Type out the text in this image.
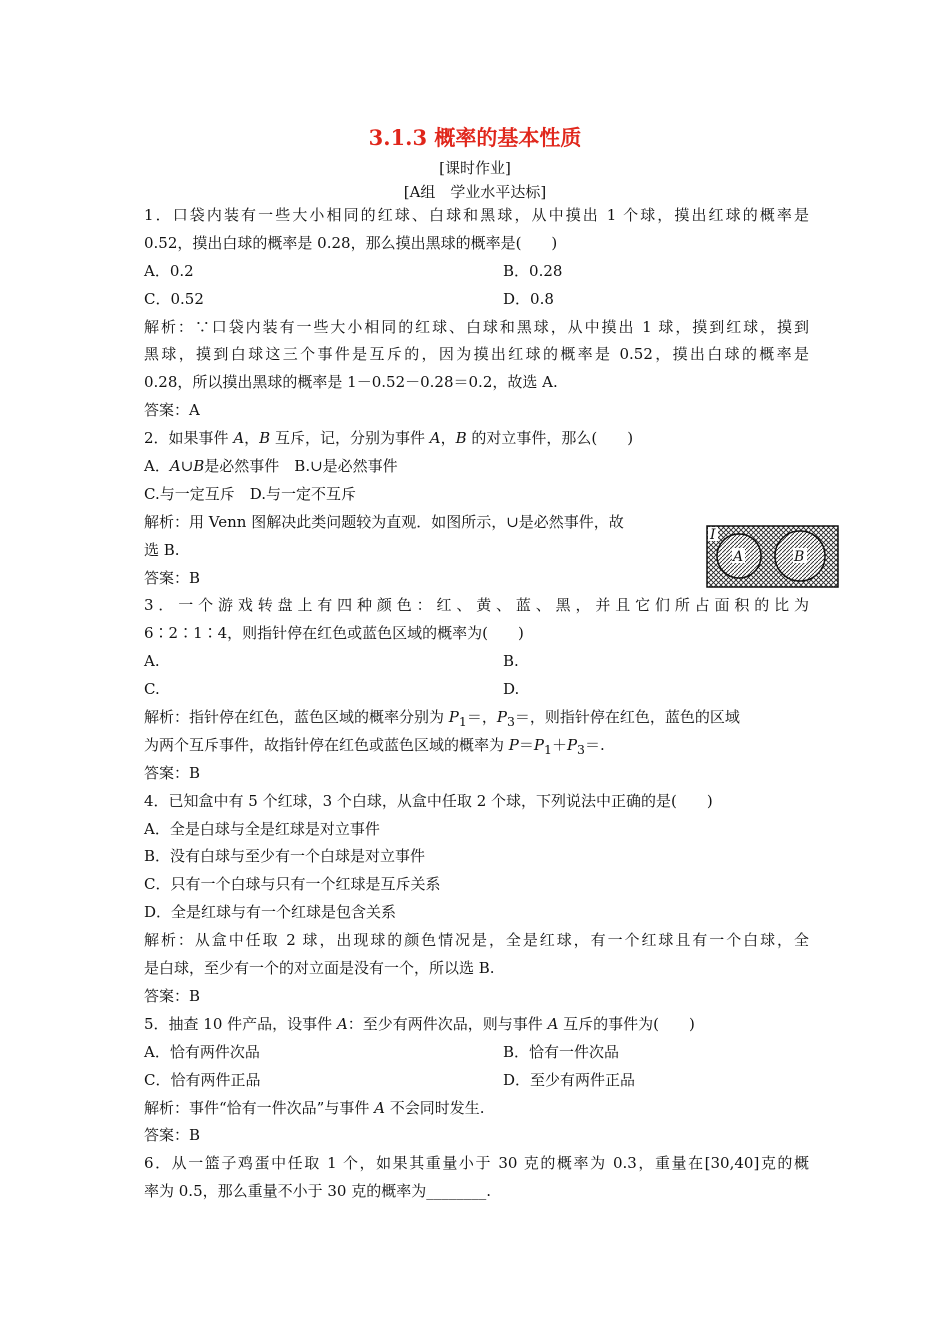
3.1.3 概率的基本性质
[课时作业]
[A组　学业水平达标]
1．口袋内装有一些大小相同的红球、白球和黑球，从中摸出 1 个球，摸出红球的概率是
0.52，摸出白球的概率是 0.28，那么摸出黑球的概率是(　　)
A．0.2	B．0.28
C．0.52	D．0.8
解析：∵口袋内装有一些大小相同的红球、白球和黑球，从中摸出 1 球，摸到红球，摸到
黑球，摸到白球这三个事件是互斥的，因为摸出红球的概率是 0.52，摸出白球的概率是
0.28，所以摸出黑球的概率是 1－0.52－0.28＝0.2，故选 A.
答案：A
2．如果事件 A，B 互斥，记，分别为事件 A，B 的对立事件，那么(　　)
A．A∪B是必然事件　B.∪是必然事件
C.与一定互斥　D.与一定不互斥
解析：用 Venn 图解决此类问题较为直观．如图所示，∪是必然事件，故
选 B.
答案：B
3．一个游戏转盘上有四种颜色：红、黄、蓝、黑，并且它们所占面积的比为
6∶2∶1∶4，则指针停在红色或蓝色区域的概率为(　　)
A.	B.
C.	D.
解析：指针停在红色，蓝色区域的概率分别为 $P_1=$，$P_3=$，则指针停在红色，蓝色的区域
为两个互斥事件，故指针停在红色或蓝色区域的概率为 $P=P_1+P_3=$.
答案：B
4．已知盒中有 5 个红球，3 个白球，从盒中任取 2 个球，下列说法中正确的是(　　)
A．全是白球与全是红球是对立事件
B．没有白球与至少有一个白球是对立事件
C．只有一个白球与只有一个红球是互斥关系
D．全是红球与有一个红球是包含关系
解析：从盒中任取 2 球，出现球的颜色情况是，全是红球，有一个红球且有一个白球，全
是白球，至少有一个的对立面是没有一个，所以选 B.
答案：B
5．抽查 10 件产品，设事件 A：至少有两件次品，则与事件 A 互斥的事件为(　　)
A．恰有两件次品	B．恰有一件次品
C．恰有两件正品	D．至少有两件正品
解析：事件“恰有一件次品”与事件 A 不会同时发生.
答案：B
6．从一篮子鸡蛋中任取 1 个，如果其重量小于 30 克的概率为 0.3，重量在[30,40]克的概
率为 0.5，那么重量不小于 30 克的概率为________.
I
A	B
